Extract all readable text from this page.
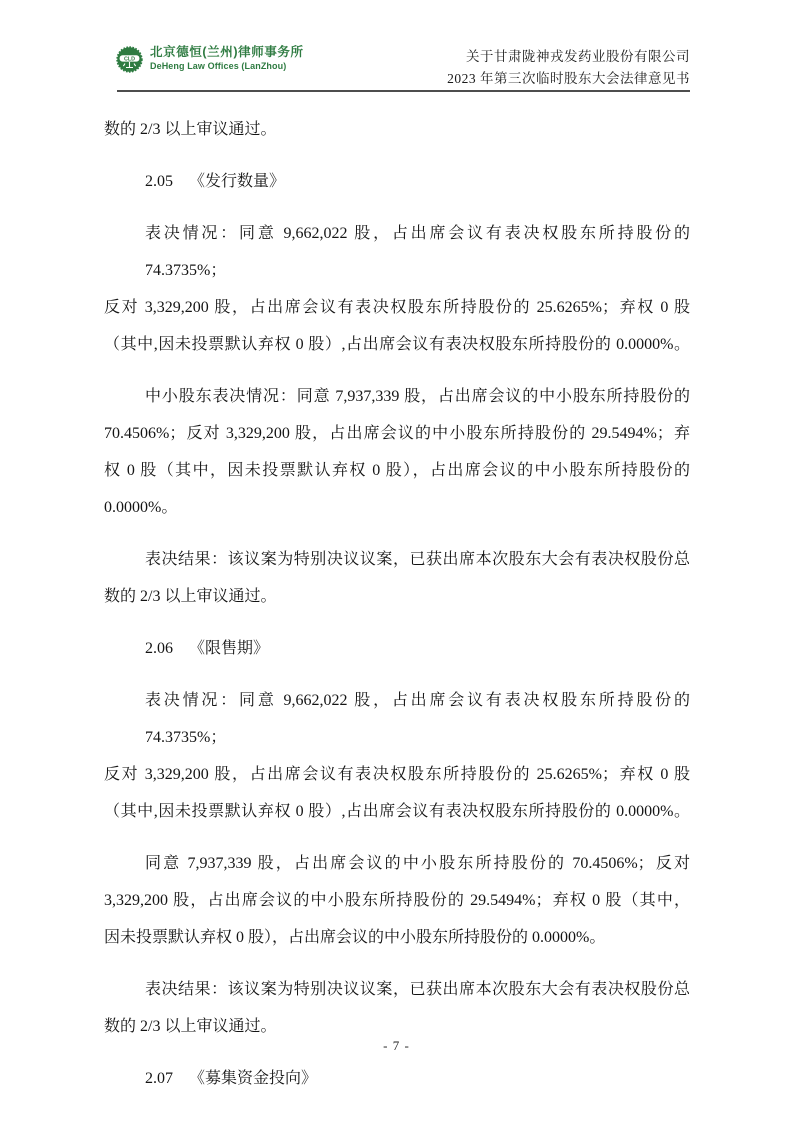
CLD
北京德恒(兰州)律师事务所
DeHeng Law Offices (LanZhou)
关于甘肃陇神戎发药业股份有限公司
2023 年第三次临时股东大会法律意见书
数的 2/3 以上审议通过。
2.05 《发行数量》
表决情况：同意 9,662,022 股，占出席会议有表决权股东所持股份的 74.3735%；
反对 3,329,200 股，占出席会议有表决权股东所持股份的 25.6265%；弃权 0 股
（其中,因未投票默认弃权 0 股）,占出席会议有表决权股东所持股份的 0.0000%。
中小股东表决情况：同意 7,937,339 股，占出席会议的中小股东所持股份的
70.4506%；反对 3,329,200 股，占出席会议的中小股东所持股份的 29.5494%；弃
权 0 股（其中，因未投票默认弃权 0 股），占出席会议的中小股东所持股份的
0.0000%。
表决结果：该议案为特别决议议案，已获出席本次股东大会有表决权股份总
数的 2/3 以上审议通过。
2.06 《限售期》
表决情况：同意 9,662,022 股，占出席会议有表决权股东所持股份的 74.3735%；
反对 3,329,200 股，占出席会议有表决权股东所持股份的 25.6265%；弃权 0 股
（其中,因未投票默认弃权 0 股）,占出席会议有表决权股东所持股份的 0.0000%。
同意 7,937,339 股，占出席会议的中小股东所持股份的 70.4506%；反对
3,329,200 股，占出席会议的中小股东所持股份的 29.5494%；弃权 0 股（其中，
因未投票默认弃权 0 股），占出席会议的中小股东所持股份的 0.0000%。
表决结果：该议案为特别决议议案，已获出席本次股东大会有表决权股份总
数的 2/3 以上审议通过。
2.07 《募集资金投向》
- 7 -
